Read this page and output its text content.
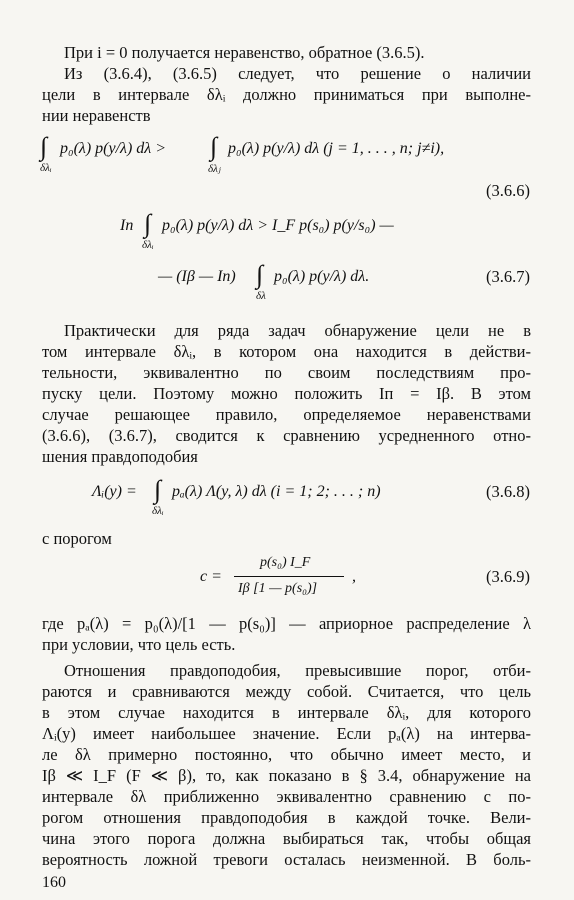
При i = 0 получается неравенство, обратное (3.6.5).
Из (3.6.4), (3.6.5) следует, что решение о наличии
цели в интервале δλᵢ должно приниматься при выполне-
нии неравенств
∫
δλᵢ
p₀(λ) p(y/λ) dλ > ∫
δλⱼ
p₀(λ) p(y/λ) dλ (j = 1, . . . , n; j≠i),
(3.6.6)
Iп ∫
δλᵢ
p₀(λ) p(y/λ) dλ > I_F p(s₀) p(y/s₀) —
— (Iβ — Iп) ∫
δλ
p₀(λ) p(y/λ) dλ.	(3.6.7)
Практически для ряда задач обнаружение цели не в
том интервале δλᵢ, в котором она находится в действи-
тельности, эквивалентно по своим последствиям про-
пуску цели. Поэтому можно положить Iп = Iβ. В этом
случае решающее правило, определяемое неравенствами
(3.6.6), (3.6.7), сводится к сравнению усредненного отно-
шения правдоподобия
Λᵢ(y) = ∫
δλᵢ
pₐ(λ) Λ(y, λ) dλ (i = 1; 2; . . . ; n)	(3.6.8)
с порогом
c =
p(s₀) I_F
Iβ [1 — p(s₀)]
,	(3.6.9)
где pₐ(λ) = p₀(λ)/[1 — p(s₀)] — априорное распределение λ
при условии, что цель есть.
Отношения правдоподобия, превысившие порог, отби-
раются и сравниваются между собой. Считается, что цель
в этом случае находится в интервале δλᵢ, для которого
Λᵢ(y) имеет наибольшее значение. Если pₐ(λ) на интерва-
ле δλ примерно постоянно, что обычно имеет место, и
Iβ ≪ I_F (F ≪ β), то, как показано в § 3.4, обнаружение на
интервале δλ приближенно эквивалентно сравнению с по-
рогом отношения правдоподобия в каждой точке. Вели-
чина этого порога должна выбираться так, чтобы общая
вероятность ложной тревоги осталась неизменной. В боль-
160
